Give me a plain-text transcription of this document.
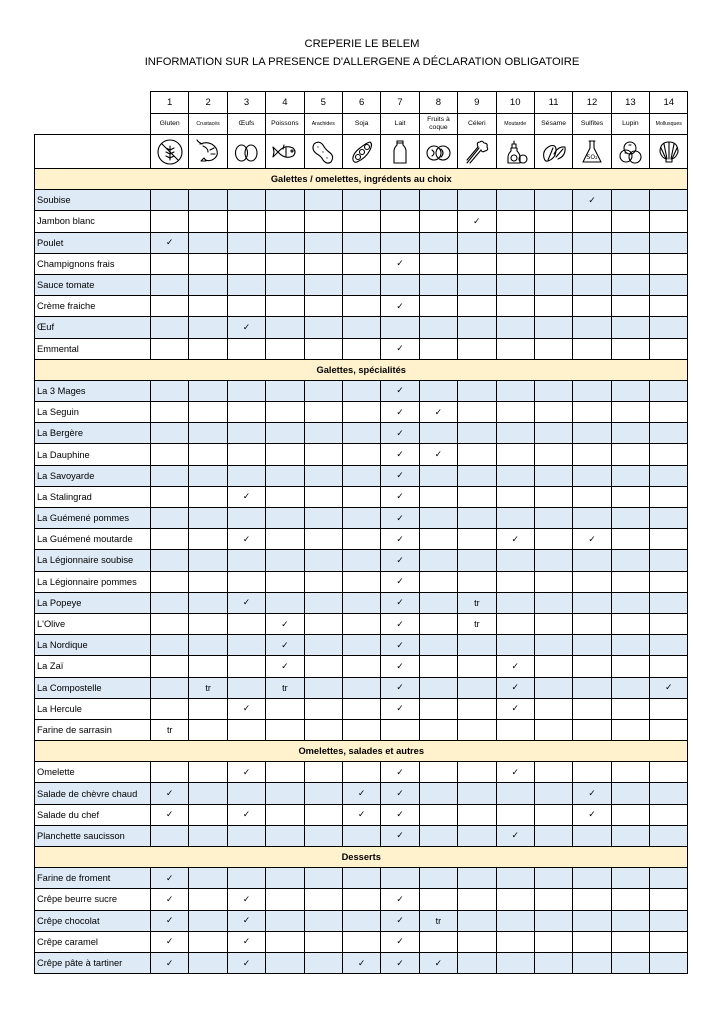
CREPERIE LE BELEM
INFORMATION SUR LA PRESENCE D'ALLERGENE A DÉCLARATION OBLIGATOIRE
	1	2	3	4	5	6	7	8	9	10	11	12	13	14
	Gluten	Crustacés	Œufs	Poissons	Arachides	Soja	Lait	Fruits à coque	Céleri	Moutarde	Sésame	Sulfites	Lupin	Mollusques

SO₂

Galettes / omelettes, ingrédents au choix														
Soubise												✓		
Jambon blanc									✓					
Poulet	✓													
Champignons frais							✓							
Sauce tomate														
Crème fraiche							✓							
Œuf			✓											
Emmental							✓							
Galettes, spécialités														
La 3 Mages							✓							
La Seguin							✓	✓						
La Bergère							✓							
La Dauphine							✓	✓						
La Savoyarde							✓							
La Stalingrad			✓				✓							
La Guémené pommes							✓							
La Guémené moutarde			✓				✓			✓		✓		
La Légionnaire soubise							✓							
La Légionnaire pommes							✓							
La Popeye			✓				✓		tr					
L'Olive				✓			✓		tr					
La Nordique				✓			✓							
La Zaï				✓			✓			✓				
La Compostelle		tr		tr			✓			✓				✓
La Hercule			✓				✓			✓				
Farine de sarrasin	tr													
Omelettes, salades et autres														
Omelette			✓				✓			✓				
Salade de chèvre chaud	✓					✓	✓					✓		
Salade du chef	✓		✓			✓	✓					✓		
Planchette saucisson							✓			✓				
Desserts														
Farine de froment	✓													
Crêpe beurre sucre	✓		✓				✓							
Crêpe chocolat	✓		✓				✓	tr						
Crêpe caramel	✓		✓				✓							
Crêpe pâte à tartiner	✓		✓			✓	✓	✓						
